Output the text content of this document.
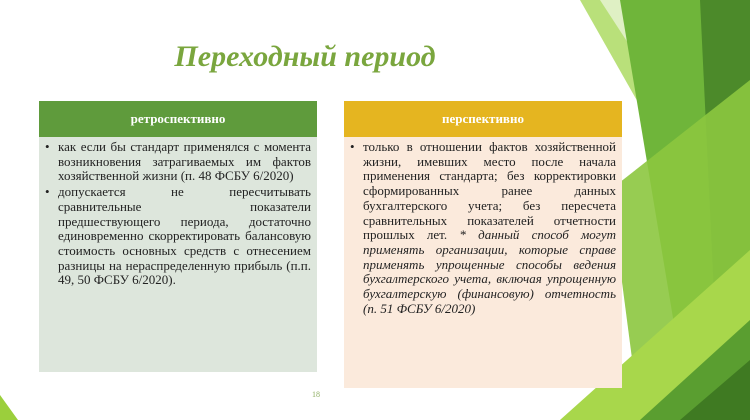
Переходный период
ретроспективно
• как если бы стандарт применялся с момента возникновения затрагиваемых им фактов хозяйственной жизни (п. 48 ФСБУ 6/2020)
• допускается не пересчитывать сравнительные показатели предшествующего периода, достаточно единовременно скорректировать балансовую стоимость основных средств с отнесением разницы на нераспределенную прибыль (п.п. 49, 50 ФСБУ 6/2020).
перспективно
• только в отношении фактов хозяйственной жизни, имевших место после начала применения стандарта; без корректировки сформированных ранее данных бухгалтерского учета; без пересчета сравнительных показателей отчетности прошлых лет. * данный способ могут применять организации, которые справе применять упрощенные способы ведения бухгалтерского учета, включая упрощенную бухгалтерскую (финансовую) отчетность (п. 51 ФСБУ 6/2020)
18
